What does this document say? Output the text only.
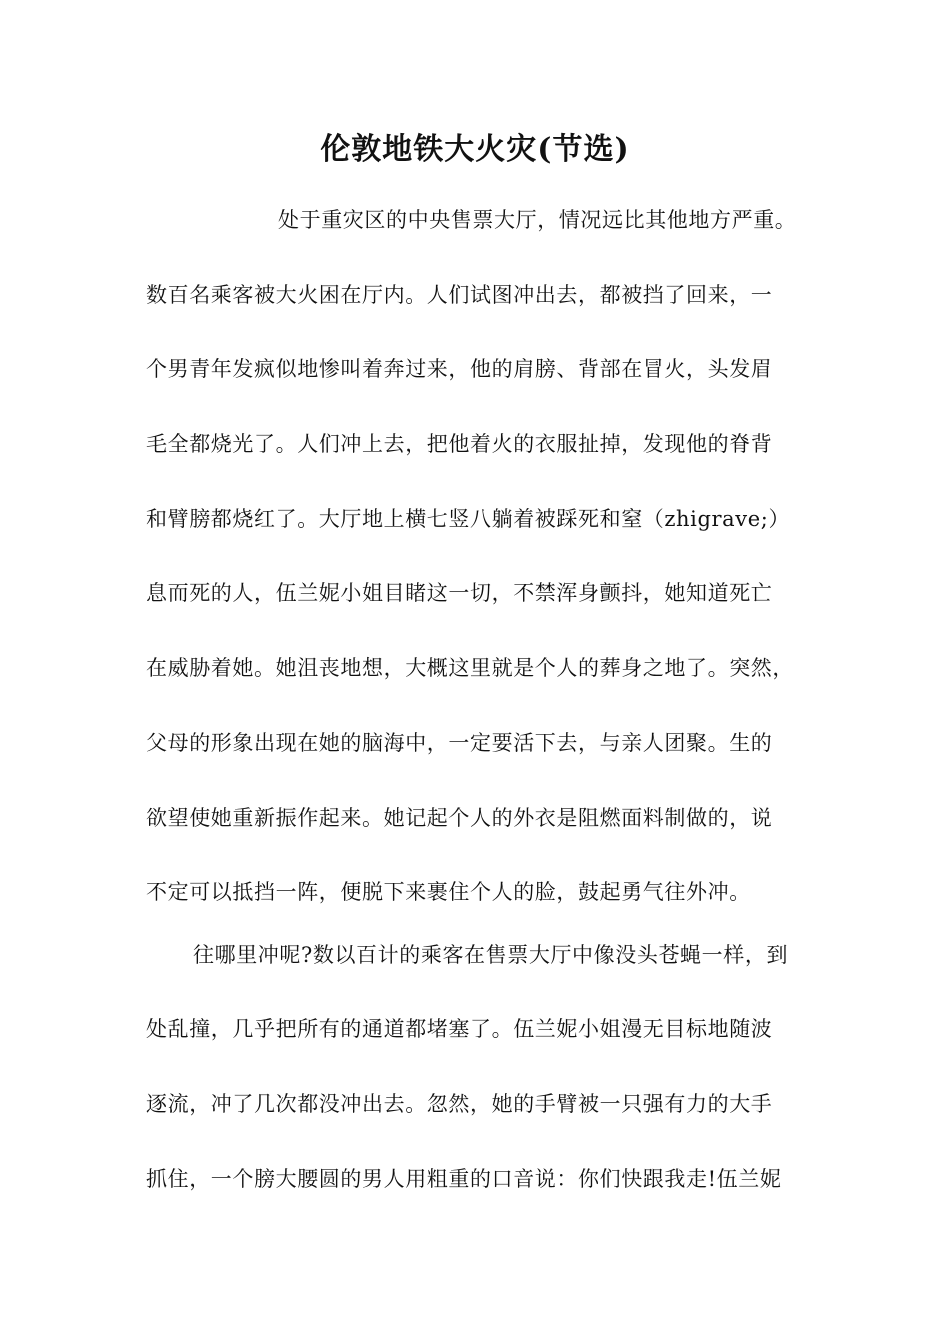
伦敦地铁大火灾(节选)
处于重灾区的中央售票大厅，情况远比其他地方严重。
数百名乘客被大火困在厅内。人们试图冲出去，都被挡了回来，一
个男青年发疯似地惨叫着奔过来，他的肩膀、背部在冒火，头发眉
毛全都烧光了。人们冲上去，把他着火的衣服扯掉，发现他的脊背
和臂膀都烧红了。大厅地上横七竖八躺着被踩死和窒（zhigrave;）
息而死的人，伍兰妮小姐目睹这一切，不禁浑身颤抖，她知道死亡
在威胁着她。她沮丧地想，大概这里就是个人的葬身之地了。突然，
父母的形象出现在她的脑海中，一定要活下去，与亲人团聚。生的
欲望使她重新振作起来。她记起个人的外衣是阻燃面料制做的，说
不定可以抵挡一阵，便脱下来裹住个人的脸，鼓起勇气往外冲。
往哪里冲呢?数以百计的乘客在售票大厅中像没头苍蝇一样，到
处乱撞，几乎把所有的通道都堵塞了。伍兰妮小姐漫无目标地随波
逐流，冲了几次都没冲出去。忽然，她的手臂被一只强有力的大手
抓住，一个膀大腰圆的男人用粗重的口音说：你们快跟我走!伍兰妮
